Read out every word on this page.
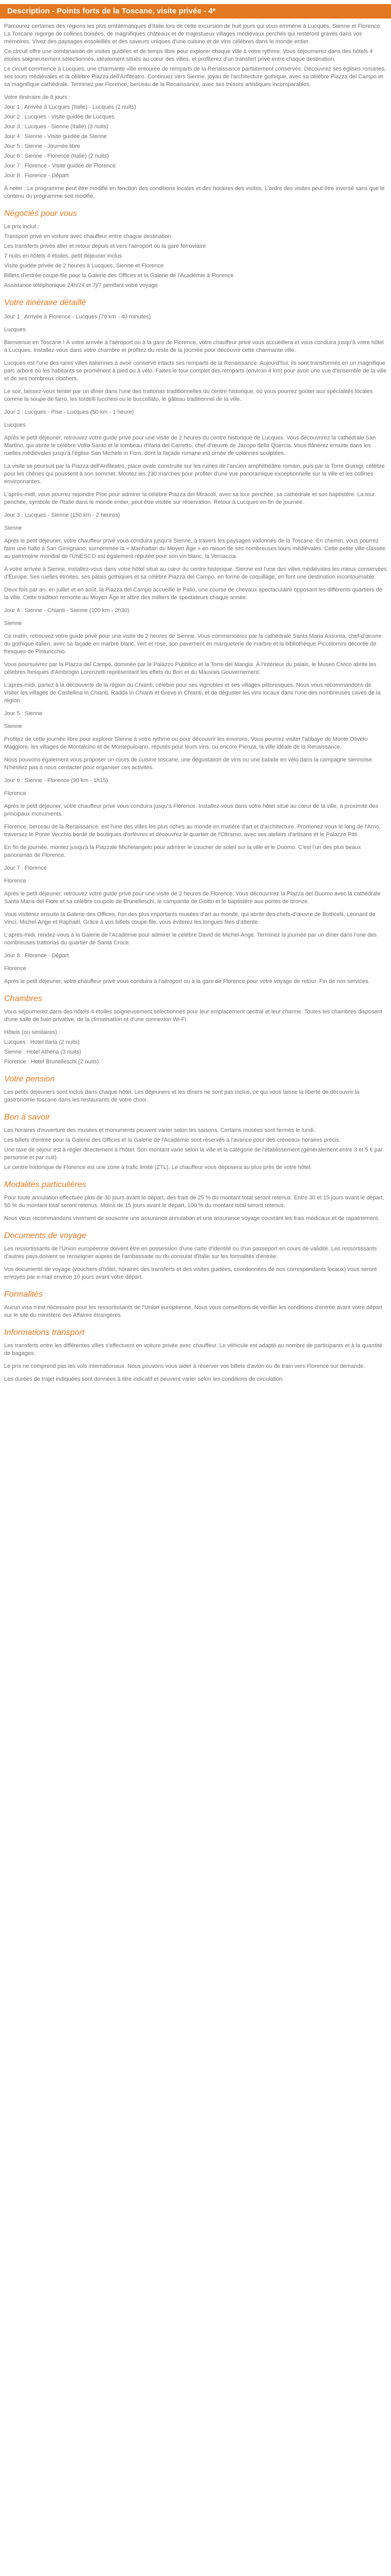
Description - Points forts de la Toscane, visite privée - 4*

Parcourez certaines des régions les plus emblématiques d'Italie lors de cette excursion de huit jours qui vous emmène à Lucques, Sienne et Florence. La Toscane regorge de collines boisées, de magnifiques châteaux et de majestueux villages médiévaux perchés qui resteront gravés dans vos mémoires. Vivez des paysages ensoleillés et des saveurs uniques d'une cuisine et de vins célèbres dans le monde entier.

Ce circuit offre une combinaison de visites guidées et de temps libre pour explorer chaque ville à votre rythme. Vous séjournerez dans des hôtels 4 étoiles soigneusement sélectionnés, idéalement situés au cœur des villes, et profiterez d'un transfert privé entre chaque destination.

Le circuit commence à Lucques, une charmante ville entourée de remparts de la Renaissance parfaitement conservés. Découvrez ses églises romanes, ses tours médiévales et la célèbre Piazza dell'Anfiteatro. Continuez vers Sienne, joyau de l'architecture gothique, avec sa célèbre Piazza del Campo et sa magnifique cathédrale. Terminez par Florence, berceau de la Renaissance, avec ses trésors artistiques incomparables.

Votre itinéraire de 8 jours :

Jour 1 : Arrivée à Lucques (Italie) - Lucques (2 nuits)

Jour 2 : Lucques - Visite guidée de Lucques

Jour 3 : Lucques - Sienne (Italie) (3 nuits)

Jour 4 : Sienne - Visite guidée de Sienne

Jour 5 : Sienne - Journée libre

Jour 6 : Sienne - Florence (Italie) (2 nuits)

Jour 7 : Florence - Visite guidée de Florence

Jour 8 : Florence - Départ

À noter : Le programme peut être modifié en fonction des conditions locales et des horaires des visites. L'ordre des visites peut être inversé sans que le contenu du programme soit modifié.

Négociés pour vous

Le prix inclut :

Transport privé en voiture avec chauffeur entre chaque destination

Les transferts privés aller et retour depuis et vers l'aéroport ou la gare ferroviaire

7 nuits en hôtels 4 étoiles, petit déjeuner inclus

Visite guidée privée de 2 heures à Lucques, Sienne et Florence

Billets d'entrée coupe-file pour la Galerie des Offices et la Galerie de l'Académie à Florence

Assistance téléphonique 24h/24 et 7j/7 pendant votre voyage

Votre itinéraire détaillé

Jour 1 : Arrivée à Florence - Lucques (70 km - 40 minutes)

Lucques

Bienvenue en Toscane ! À votre arrivée à l'aéroport ou à la gare de Florence, votre chauffeur privé vous accueillera et vous conduira jusqu'à votre hôtel à Lucques. Installez-vous dans votre chambre et profitez du reste de la journée pour découvrir cette charmante ville.

Lucques est l'une des rares villes italiennes à avoir conservé intacts ses remparts de la Renaissance. Aujourd'hui, ils sont transformés en un magnifique parc arboré où les habitants se promènent à pied ou à vélo. Faites le tour complet des remparts (environ 4 km) pour avoir une vue d'ensemble de la ville et de ses nombreux clochers.

Le soir, laissez-vous tenter par un dîner dans l'une des trattorias traditionnelles du centre historique, où vous pourrez goûter aux spécialités locales comme la soupe de farro, les tordelli lucchesi ou le buccellato, le gâteau traditionnel de la ville.

Jour 2 : Lucques - Pise - Lucques (50 km - 1 heure)

Lucques

Après le petit déjeuner, retrouvez votre guide privé pour une visite de 2 heures du centre historique de Lucques. Vous découvrirez la cathédrale San Martino, qui abrite le célèbre Volto Santo et le tombeau d'Ilaria del Carretto, chef-d'œuvre de Jacopo della Quercia. Vous flânerez ensuite dans les ruelles médiévales jusqu'à l'église San Michele in Foro, dont la façade romane est ornée de colonnes sculptées.

La visite se poursuit par la Piazza dell'Anfiteatro, place ovale construite sur les ruines de l'ancien amphithéâtre romain, puis par la Torre Guinigi, célèbre pour les chênes qui poussent à son sommet. Montez les 230 marches pour profiter d'une vue panoramique exceptionnelle sur la ville et les collines environnantes.

L'après-midi, vous pourrez rejoindre Pise pour admirer la célèbre Piazza dei Miracoli, avec sa tour penchée, sa cathédrale et son baptistère. La tour penchée, symbole de l'Italie dans le monde entier, peut être visitée sur réservation. Retour à Lucques en fin de journée.

Jour 3 : Lucques - Sienne (150 km - 2 heures)

Sienne

Après le petit déjeuner, votre chauffeur privé vous conduira jusqu'à Sienne, à travers les paysages vallonnés de la Toscane. En chemin, vous pourrez faire une halte à San Gimignano, surnommée la « Manhattan du Moyen Âge » en raison de ses nombreuses tours médiévales. Cette petite ville classée au patrimoine mondial de l'UNESCO est également réputée pour son vin blanc, la Vernaccia.

À votre arrivée à Sienne, installez-vous dans votre hôtel situé au cœur du centre historique. Sienne est l'une des villes médiévales les mieux conservées d'Europe. Ses ruelles étroites, ses palais gothiques et sa célèbre Piazza del Campo, en forme de coquillage, en font une destination incontournable.

Deux fois par an, en juillet et en août, la Piazza del Campo accueille le Palio, une course de chevaux spectaculaire opposant les différents quartiers de la ville. Cette tradition remonte au Moyen Âge et attire des milliers de spectateurs chaque année.

Jour 4 : Sienne - Chianti - Sienne (100 km - 2h30)

Sienne

Ce matin, retrouvez votre guide privé pour une visite de 2 heures de Sienne. Vous commencerez par la cathédrale Santa Maria Assunta, chef-d'œuvre du gothique italien, avec sa façade en marbre blanc, vert et rose, son pavement en marqueterie de marbre et la bibliothèque Piccolomini décorée de fresques de Pinturicchio.

Vous poursuivrez par la Piazza del Campo, dominée par le Palazzo Pubblico et la Torre del Mangia. À l'intérieur du palais, le Museo Civico abrite les célèbres fresques d'Ambrogio Lorenzetti représentant les effets du Bon et du Mauvais Gouvernement.

L'après-midi, partez à la découverte de la région du Chianti, célèbre pour ses vignobles et ses villages pittoresques. Nous vous recommandons de visiter les villages de Castellina in Chianti, Radda in Chianti et Greve in Chianti, et de déguster les vins locaux dans l'une des nombreuses caves de la région.

Jour 5 : Sienne

Sienne

Profitez de cette journée libre pour explorer Sienne à votre rythme ou pour découvrir les environs. Vous pourrez visiter l'abbaye de Monte Oliveto Maggiore, les villages de Montalcino et de Montepulciano, réputés pour leurs vins, ou encore Pienza, la ville idéale de la Renaissance.

Nous pouvons également vous proposer un cours de cuisine toscane, une dégustation de vins ou une balade en vélo dans la campagne siennoise. N'hésitez pas à nous contacter pour organiser ces activités.

Jour 6 : Sienne - Florence (90 km - 1h15)

Florence

Après le petit déjeuner, votre chauffeur privé vous conduira jusqu'à Florence. Installez-vous dans votre hôtel situé au cœur de la ville, à proximité des principaux monuments.

Florence, berceau de la Renaissance, est l'une des villes les plus riches au monde en matière d'art et d'architecture. Promenez-vous le long de l'Arno, traversez le Ponte Vecchio bordé de boutiques d'orfèvres et découvrez le quartier de l'Oltrarno, avec ses ateliers d'artisans et le Palazzo Pitti.

En fin de journée, montez jusqu'à la Piazzale Michelangelo pour admirer le coucher de soleil sur la ville et le Duomo. C'est l'un des plus beaux panoramas de Florence.

Jour 7 : Florence

Florence

Après le petit déjeuner, retrouvez votre guide privé pour une visite de 2 heures de Florence. Vous découvrirez la Piazza del Duomo avec la cathédrale Santa Maria del Fiore et sa célèbre coupole de Brunelleschi, le campanile de Giotto et le baptistère aux portes de bronze.

Vous visiterez ensuite la Galerie des Offices, l'un des plus importants musées d'art au monde, qui abrite des chefs-d'œuvre de Botticelli, Léonard de Vinci, Michel-Ange et Raphaël. Grâce à vos billets coupe-file, vous éviterez les longues files d'attente.

L'après-midi, rendez-vous à la Galerie de l'Académie pour admirer le célèbre David de Michel-Ange. Terminez la journée par un dîner dans l'une des nombreuses trattorias du quartier de Santa Croce.

Jour 8 : Florence - Départ

Florence

Après le petit déjeuner, votre chauffeur privé vous conduira à l'aéroport ou à la gare de Florence pour votre voyage de retour. Fin de nos services.

Chambres

Vous séjournerez dans des hôtels 4 étoiles soigneusement sélectionnés pour leur emplacement central et leur charme. Toutes les chambres disposent d'une salle de bain privative, de la climatisation et d'une connexion Wi-Fi.

Hôtels (ou similaires) :

Lucques : Hotel Ilaria (2 nuits)

Sienne : Hotel Athena (3 nuits)

Florence : Hotel Brunelleschi (2 nuits)

Votre pension

Les petits déjeuners sont inclus dans chaque hôtel. Les déjeuners et les dîners ne sont pas inclus, ce qui vous laisse la liberté de découvrir la gastronomie toscane dans les restaurants de votre choix.

Bon à savoir

Les horaires d'ouverture des musées et monuments peuvent varier selon les saisons. Certains musées sont fermés le lundi.

Les billets d'entrée pour la Galerie des Offices et la Galerie de l'Académie sont réservés à l'avance pour des créneaux horaires précis.

Une taxe de séjour est à régler directement à l'hôtel. Son montant varie selon la ville et la catégorie de l'établissement (généralement entre 3 et 5 € par personne et par nuit).

Le centre historique de Florence est une zone à trafic limité (ZTL). Le chauffeur vous déposera au plus près de votre hôtel.

Modalités particulières

Pour toute annulation effectuée plus de 30 jours avant le départ, des frais de 25 % du montant total seront retenus. Entre 30 et 15 jours avant le départ, 50 % du montant total seront retenus. Moins de 15 jours avant le départ, 100 % du montant total seront retenus.

Nous vous recommandons vivement de souscrire une assurance annulation et une assurance voyage couvrant les frais médicaux et de rapatriement.

Documents de voyage

Les ressortissants de l'Union européenne doivent être en possession d'une carte d'identité ou d'un passeport en cours de validité. Les ressortissants d'autres pays doivent se renseigner auprès de l'ambassade ou du consulat d'Italie sur les formalités d'entrée.

Vos documents de voyage (vouchers d'hôtel, horaires des transferts et des visites guidées, coordonnées de nos correspondants locaux) vous seront envoyés par e-mail environ 10 jours avant votre départ.

Formalités

Aucun visa n'est nécessaire pour les ressortissants de l'Union européenne. Nous vous conseillons de vérifier les conditions d'entrée avant votre départ sur le site du ministère des Affaires étrangères.

Informations transport

Les transferts entre les différentes villes s'effectuent en voiture privée avec chauffeur. Le véhicule est adapté au nombre de participants et à la quantité de bagages.

Le prix ne comprend pas les vols internationaux. Nous pouvons vous aider à réserver vos billets d'avion ou de train vers Florence sur demande.

Les durées de trajet indiquées sont données à titre indicatif et peuvent varier selon les conditions de circulation.
